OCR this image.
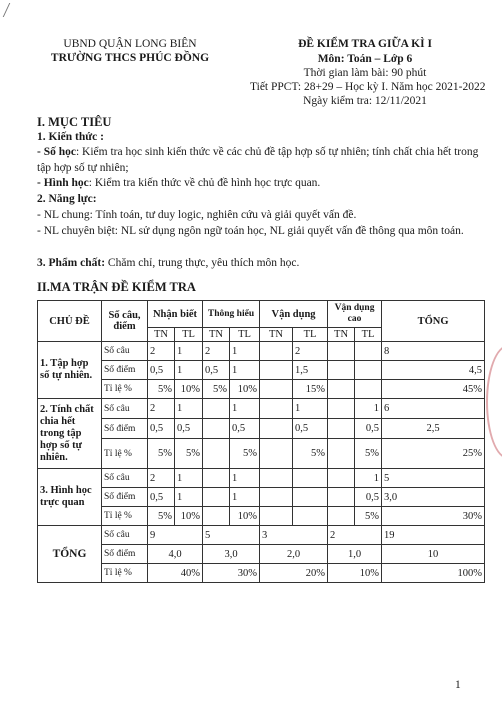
UBND QUẬN LONG BIÊN
TRƯỜNG THCS PHÚC ĐỒNG
ĐỀ KIỂM TRA GIỮA KÌ I
Môn: Toán – Lớp 6
Thời gian làm bài: 90 phút
Tiết PPCT: 28+29 – Học kỳ I. Năm học 2021-2022
Ngày kiểm tra: 12/11/2021
I. MỤC TIÊU
1. Kiến thức :
- Số học: Kiểm tra học sinh kiến thức về các chủ đề tập hợp số tự nhiên; tính chất chia hết trong tập hợp số tự nhiên;
- Hình học: Kiểm tra kiến thức về chủ đề hình học trực quan.
2. Năng lực:
- NL chung: Tính toán, tư duy logic, nghiên cứu và giải quyết vấn đề.
- NL chuyên biệt: NL sử dụng ngôn ngữ toán học, NL giải quyết vấn đề thông qua môn toán.
3. Phẩm chất: Chăm chỉ, trung thực, yêu thích môn học.
II.MA TRẬN ĐỀ KIỂM TRA
CHỦ ĐỀ	Số câu, điểm	Nhận biết		Thông hiểu		Vận dụng		Vận dụng cao		TỔNG
		TN	TL	TN	TL	TN	TL	TN	TL	
1. Tập hợp số tự nhiên.	Số câu	2	1	2	1		2			8
	Số điểm	0,5	1	0,5	1		1,5			4,5
	Tỉ lệ %	5%	10%	5%	10%		15%			45%
2. Tính chất chia hết trong tập hợp số tự nhiên.	Số câu	2	1		1		1		1	6
	Số điểm	0,5	0,5		0,5		0,5		0,5	2,5
	Tỉ lệ %	5%	5%		5%		5%		5%	25%
3. Hình học trực quan	Số câu	2	1		1				1	5
	Số điểm	0,5	1		1				0,5	3,0
	Tỉ lệ %	5%	10%		10%				5%	30%
TỔNG	Số câu	9		5		3		2		19
	Số điểm	4,0		3,0		2,0		1,0		10
	Tỉ lệ %	40%		30%		20%		10%		100%
1
